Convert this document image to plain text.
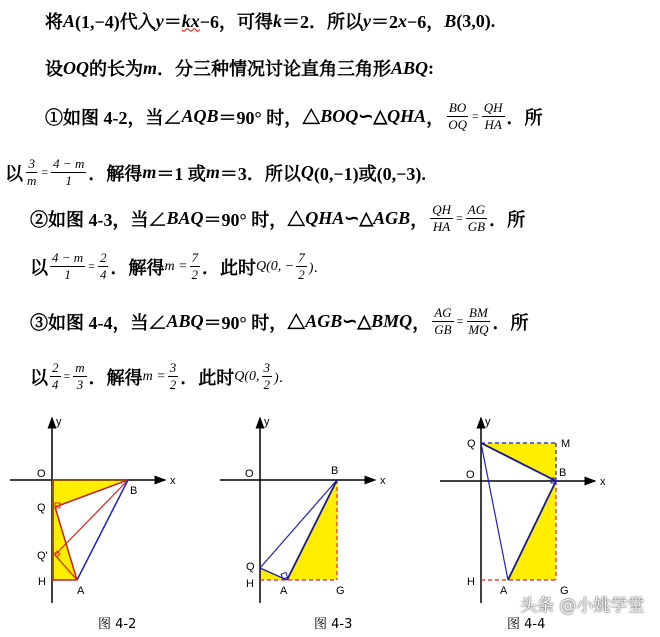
将 A (1,−4)代入 y ＝ kx −6，可得 k ＝2．所以 y ＝2 x −6， B (3,0).
设 OQ 的长为 m ．分三种情况讨论直角三角形 ABQ :
①如图 4-2，当∠ AQB ＝90° 时，△ BOQ ∽△ QHA ， $\frac{BO}{OQ} = \frac{QH}{HA}$ ．所
以 $\frac{3}{m} = \frac{4 - m}{1}$ ．解得 m ＝1 或 m ＝3．所以 Q (0,−1)或(0,−3).
②如图 4-3，当∠ BAQ ＝90° 时，△ QHA ∽△ AGB ， $\frac{QH}{HA} = \frac{AG}{GB}$ ．所
以 $\frac{4 - m}{1} = \frac{2}{4}$ ．解得 $m = \frac{7}{2}$ ．此时 Q(0, − $\frac{7}{2}$ )．
③如图 4-4，当∠ ABQ ＝90° 时，△ AGB ∽△ BMQ ， $\frac{AG}{GB} = \frac{BM}{MQ}$ ．所
以 $\frac{2}{4} = \frac{m}{3}$ ．解得 $m = \frac{3}{2}$ ．此时 Q(0, $\frac{3}{2}$ )．
y
x
O
B
Q
Q'
H
A
y
x
O	B
Q
H
A	G
y
x
O	B
Q	M
H
A	G
图 4-2	图 4-3	图 4-4
头条 @小姚学堂
